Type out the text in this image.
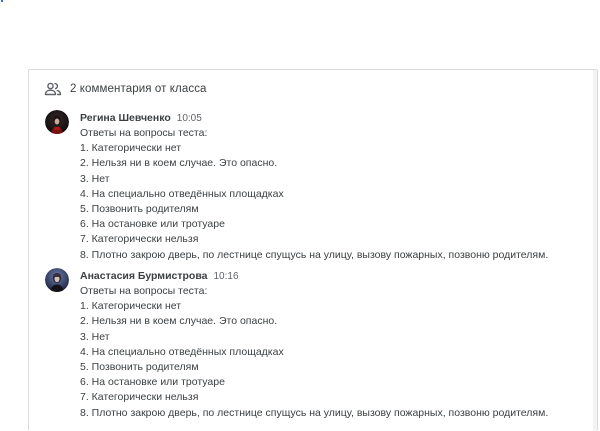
2 комментария от класса
Регина Шевченко 10:05
Ответы на вопросы теста:
1. Категорически нет
2. Нельзя ни в коем случае. Это опасно.
3. Нет
4. На специально отведённых площадках
5. Позвонить родителям
6. На остановке или тротуаре
7. Категорически нельзя
8. Плотно закрою дверь, по лестнице спущусь на улицу, вызову пожарных, позвоню родителям.
Анастасия Бурмистрова 10:16
Ответы на вопросы теста:
1. Категорически нет
2. Нельзя ни в коем случае. Это опасно.
3. Нет
4. На специально отведённых площадках
5. Позвонить родителям
6. На остановке или тротуаре
7. Категорически нельзя
8. Плотно закрою дверь, по лестнице спущусь на улицу, вызову пожарных, позвоню родителям.
